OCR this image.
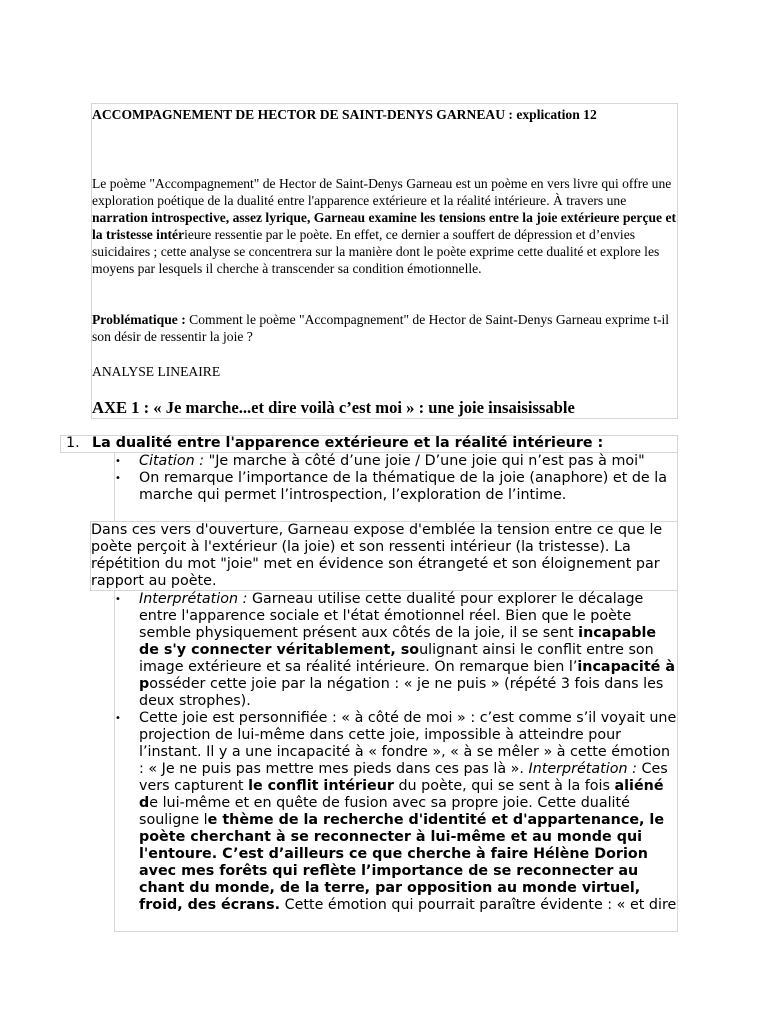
ACCOMPAGNEMENT DE HECTOR DE SAINT-DENYS GARNEAU : explication 12

Le poème "Accompagnement" de Hector de Saint-Denys Garneau est un poème en vers livre qui offre une exploration poétique de la dualité entre l'apparence extérieure et la réalité intérieure. À travers une narration introspective, assez lyrique, Garneau examine les tensions entre la joie extérieure perçue et la tristesse intérieure ressentie par le poète. En effet, ce dernier a souffert de dépression et d’envies suicidaires ; cette analyse se concentrera sur la manière dont le poète exprime cette dualité et explore les moyens par lesquels il cherche à transcender sa condition émotionnelle.

Problématique : Comment le poème "Accompagnement" de Hector de Saint-Denys Garneau exprime t-il son désir de ressentir la joie ?

ANALYSE LINEAIRE
AXE 1 : « Je marche...et dire voilà c’est moi » : une joie insaisissable
1. La dualité entre l'apparence extérieure et la réalité intérieure :
• Citation : "Je marche à côté d’une joie / D’une joie qui n’est pas à moi"
• On remarque l’importance de la thématique de la joie (anaphore) et de la marche qui permet l’introspection, l’exploration de l’intime.

Dans ces vers d'ouverture, Garneau expose d'emblée la tension entre ce que le poète perçoit à l'extérieur (la joie) et son ressenti intérieur (la tristesse). La répétition du mot "joie" met en évidence son étrangeté et son éloignement par rapport au poète.

• Interprétation : Garneau utilise cette dualité pour explorer le décalage entre l'apparence sociale et l'état émotionnel réel. Bien que le poète semble physiquement présent aux côtés de la joie, il se sent incapable de s'y connecter véritablement, soulignant ainsi le conflit entre son image extérieure et sa réalité intérieure. On remarque bien l’incapacité à posséder cette joie par la négation : « je ne puis » (répété 3 fois dans les deux strophes).
• Cette joie est personnifiée : « à côté de moi » : c’est comme s’il voyait une projection de lui-même dans cette joie, impossible à atteindre pour l’instant. Il y a une incapacité à « fondre », « à se mêler » à cette émotion : « Je ne puis pas mettre mes pieds dans ces pas là ». Interprétation : Ces vers capturent le conflit intérieur du poète, qui se sent à la fois aliéné de lui-même et en quête de fusion avec sa propre joie. Cette dualité souligne le thème de la recherche d'identité et d'appartenance, le poète cherchant à se reconnecter à lui-même et au monde qui l'entoure. C’est d’ailleurs ce que cherche à faire Hélène Dorion avec mes forêts qui reflète l’importance de se reconnecter au chant du monde, de la terre, par opposition au monde virtuel, froid, des écrans. Cette émotion qui pourrait paraître évidente : « et dire
